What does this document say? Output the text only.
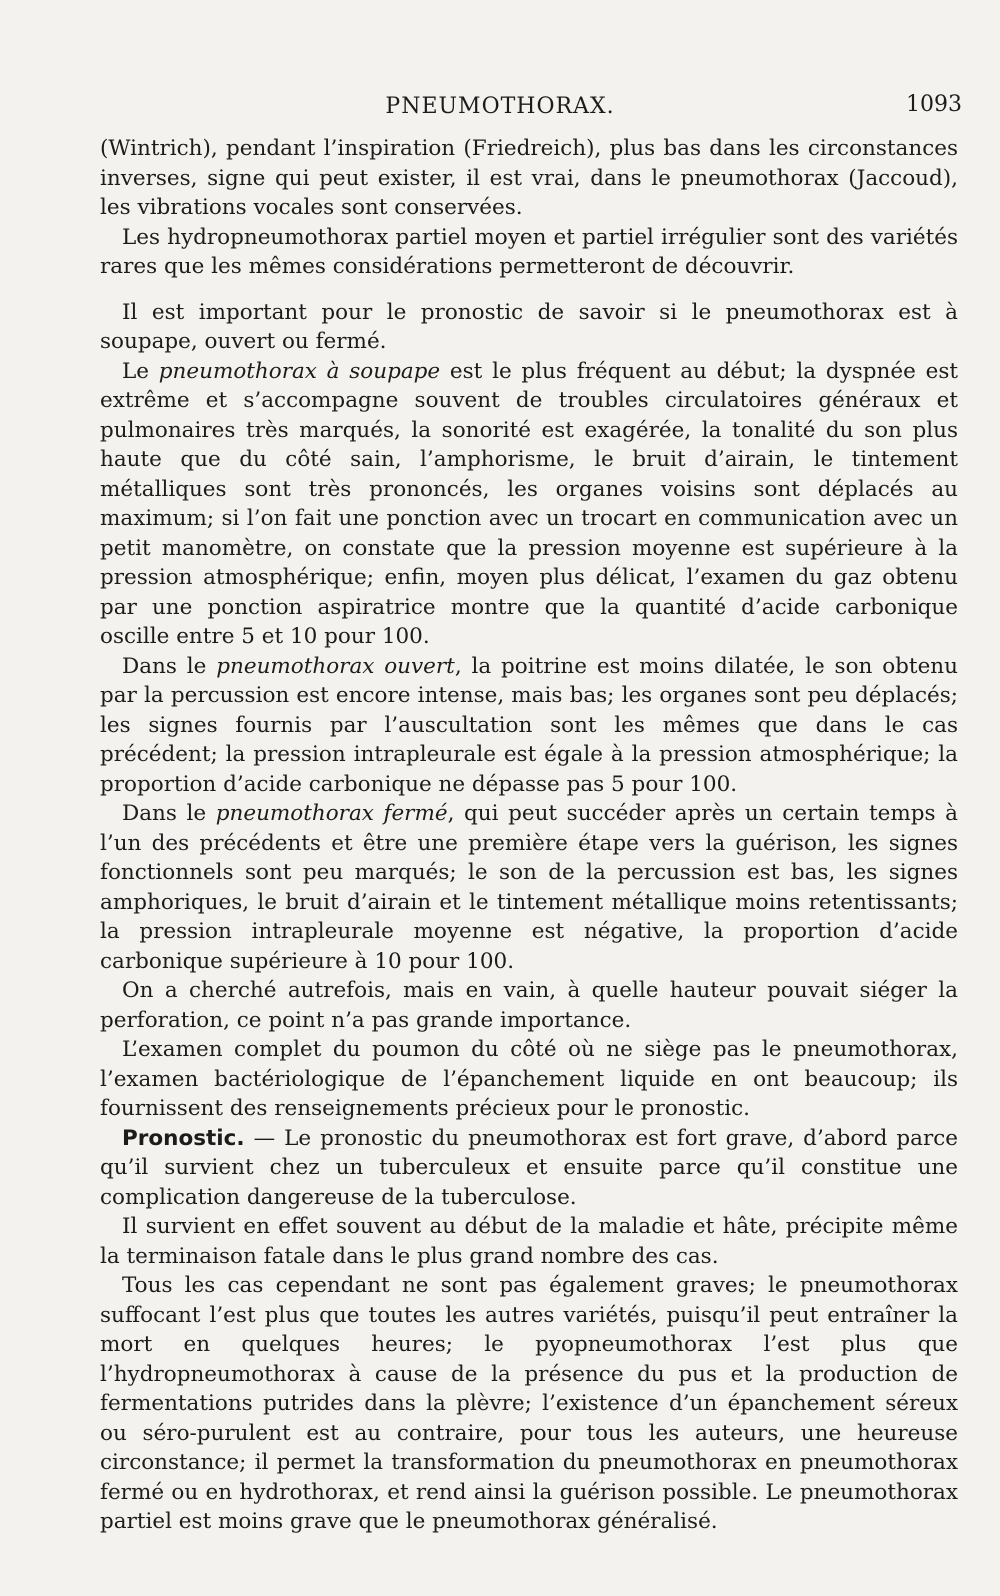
PNEUMOTHORAX.	1093

(Wintrich), pendant l’inspiration (Friedreich), plus bas dans les circonstances inverses, signe qui peut exister, il est vrai, dans le pneumothorax (Jaccoud), les vibrations vocales sont conservées.

Les hydropneumothorax partiel moyen et partiel irrégulier sont des variétés rares que les mêmes considérations permetteront de découvrir.

Il est important pour le pronostic de savoir si le pneumothorax est à soupape, ouvert ou fermé.

Le pneumothorax à soupape est le plus fréquent au début; la dyspnée est extrême et s’accompagne souvent de troubles circulatoires généraux et pulmonaires très marqués, la sonorité est exagérée, la tonalité du son plus haute que du côté sain, l’amphorisme, le bruit d’airain, le tintement métalliques sont très prononcés, les organes voisins sont déplacés au maximum; si l’on fait une ponction avec un trocart en communication avec un petit manomètre, on constate que la pression moyenne est supérieure à la pression atmosphérique; enfin, moyen plus délicat, l’examen du gaz obtenu par une ponction aspiratrice montre que la quantité d’acide carbonique oscille entre 5 et 10 pour 100.

Dans le pneumothorax ouvert, la poitrine est moins dilatée, le son obtenu par la percussion est encore intense, mais bas; les organes sont peu déplacés; les signes fournis par l’auscultation sont les mêmes que dans le cas précédent; la pression intrapleurale est égale à la pression atmosphérique; la proportion d’acide carbonique ne dépasse pas 5 pour 100.

Dans le pneumothorax fermé, qui peut succéder après un certain temps à l’un des précédents et être une première étape vers la guérison, les signes fonctionnels sont peu marqués; le son de la percussion est bas, les signes amphoriques, le bruit d’airain et le tintement métallique moins retentissants; la pression intrapleurale moyenne est négative, la proportion d’acide carbonique supérieure à 10 pour 100.

On a cherché autrefois, mais en vain, à quelle hauteur pouvait siéger la perforation, ce point n’a pas grande importance.

L’examen complet du poumon du côté où ne siège pas le pneumothorax, l’examen bactériologique de l’épanchement liquide en ont beaucoup; ils fournissent des renseignements précieux pour le pronostic.

Pronostic. — Le pronostic du pneumothorax est fort grave, d’abord parce qu’il survient chez un tuberculeux et ensuite parce qu’il constitue une complication dangereuse de la tuberculose.

Il survient en effet souvent au début de la maladie et hâte, précipite même la terminaison fatale dans le plus grand nombre des cas.

Tous les cas cependant ne sont pas également graves; le pneumothorax suffocant l’est plus que toutes les autres variétés, puisqu’il peut entraîner la mort en quelques heures; le pyopneumothorax l’est plus que l’hydropneumothorax à cause de la présence du pus et la production de fermentations putrides dans la plèvre; l’existence d’un épanchement séreux ou séro-purulent est au contraire, pour tous les auteurs, une heureuse circonstance; il permet la transformation du pneumothorax en pneumothorax fermé ou en hydrothorax, et rend ainsi la guérison possible. Le pneumothorax partiel est moins grave que le pneumothorax généralisé.
